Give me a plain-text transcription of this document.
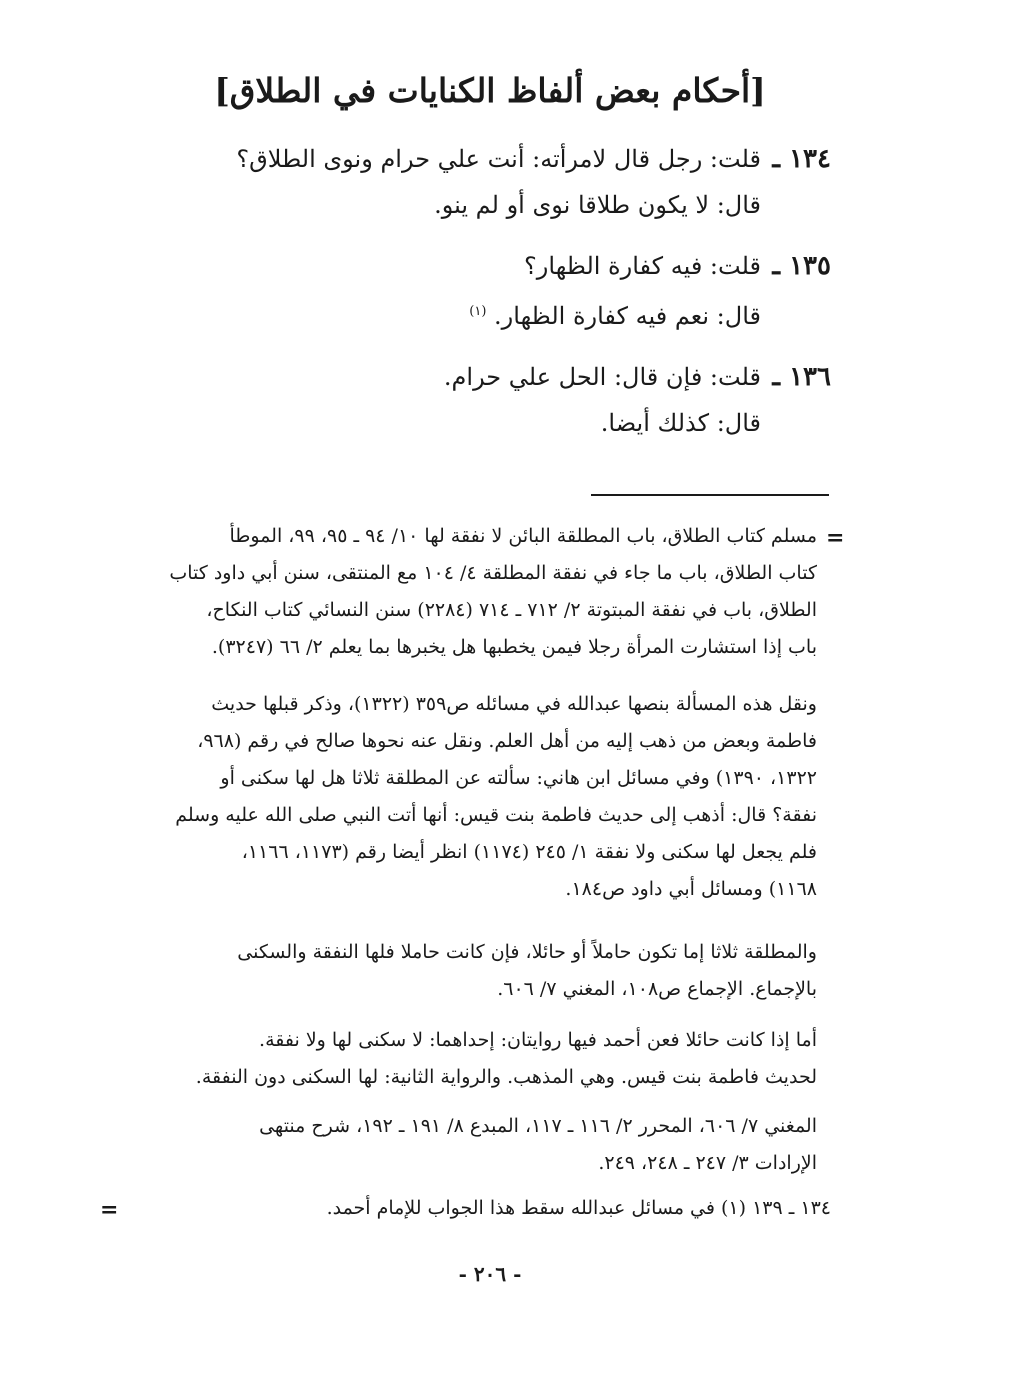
[أحكام بعض ألفاظ الكنايات في الطلاق]
١٣٤ ـ
قلت: رجل قال لامرأته: أنت علي حرام ونوى الطلاق؟
قال: لا يكون طلاقا نوى أو لم ينو.
١٣٥ ـ
قلت: فيه كفارة الظهار؟
قال: نعم فيه كفارة الظهار. $^{(١)}$
١٣٦ ـ
قلت: فإن قال: الحل علي حرام.
قال: كذلك أيضا.
=
مسلم كتاب الطلاق، باب المطلقة البائن لا نفقة لها ١٠/ ٩٤ ـ ٩٥، ٩٩، الموطأ
كتاب الطلاق، باب ما جاء في نفقة المطلقة ٤/ ١٠٤ مع المنتقى، سنن أبي داود كتاب
الطلاق، باب في نفقة المبتوتة ٢/ ٧١٢ ـ ٧١٤ (٢٢٨٤) سنن النسائي كتاب النكاح،
باب إذا استشارت المرأة رجلا فيمن يخطبها هل يخبرها بما يعلم ٢/ ٦٦ (٣٢٤٧).
ونقل هذه المسألة بنصها عبدالله في مسائله ص٣٥٩ (١٣٢٢)، وذكر قبلها حديث
فاطمة وبعض من ذهب إليه من أهل العلم. ونقل عنه نحوها صالح في رقم (٩٦٨،
١٣٢٢، ١٣٩٠) وفي مسائل ابن هاني: سألته عن المطلقة ثلاثا هل لها سكنى أو
نفقة؟ قال: أذهب إلى حديث فاطمة بنت قيس: أنها أتت النبي صلى الله عليه وسلم
فلم يجعل لها سكنى ولا نفقة ١/ ٢٤٥ (١١٧٤) انظر أيضا رقم (١١٧٣، ١١٦٦،
١١٦٨) ومسائل أبي داود ص١٨٤.
والمطلقة ثلاثا إما تكون حاملاً أو حائلا، فإن كانت حاملا فلها النفقة والسكنى
بالإجماع. الإجماع ص١٠٨، المغني ٧/ ٦٠٦.
أما إذا كانت حائلا فعن أحمد فيها روايتان: إحداهما: لا سكنى لها ولا نفقة.
لحديث فاطمة بنت قيس. وهي المذهب. والرواية الثانية: لها السكنى دون النفقة.
المغني ٧/ ٦٠٦، المحرر ٢/ ١١٦ ـ ١١٧، المبدع ٨/ ١٩١ ـ ١٩٢، شرح منتهى
الإرادات ٣/ ٢٤٧ ـ ٢٤٨، ٢٤٩.
١٣٤ ـ ١٣٩ (١) في مسائل عبدالله سقط هذا الجواب للإمام أحمد.
=
- ٢٠٦ -
